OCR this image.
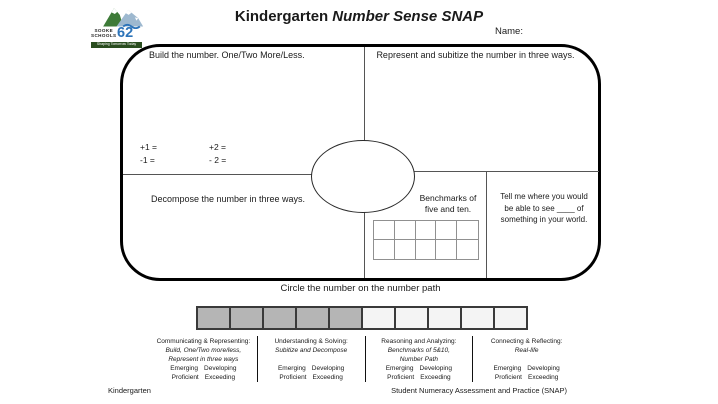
SOOKE
SCHOOLS 62
Shaping Tomorrow Today
Kindergarten Number Sense SNAP
Name:
Build the number. One/Two More/Less.	Represent and subitize the number in three ways.
+1 =	+2 =
-1 =	- 2 =
Decompose the number in three ways.	Benchmarks of
five and ten.
Tell me where you would
be able to see ____ of
something in your world.
Circle the number on the number path
Communicating & Representing:
Build, One/Two more/less,
Represent in three ways
Emerging Developing
Proficient Exceeding
Understanding & Solving:
Subitize and Decompose
Emerging Developing
Proficient Exceeding
Reasoning and Analyzing:
Benchmarks of 5&10,
Number Path
Emerging Developing
Proficient Exceeding
Connecting & Reflecting:
Real-life
Emerging Developing
Proficient Exceeding
Kindergarten	Student Numeracy Assessment and Practice (SNAP)
